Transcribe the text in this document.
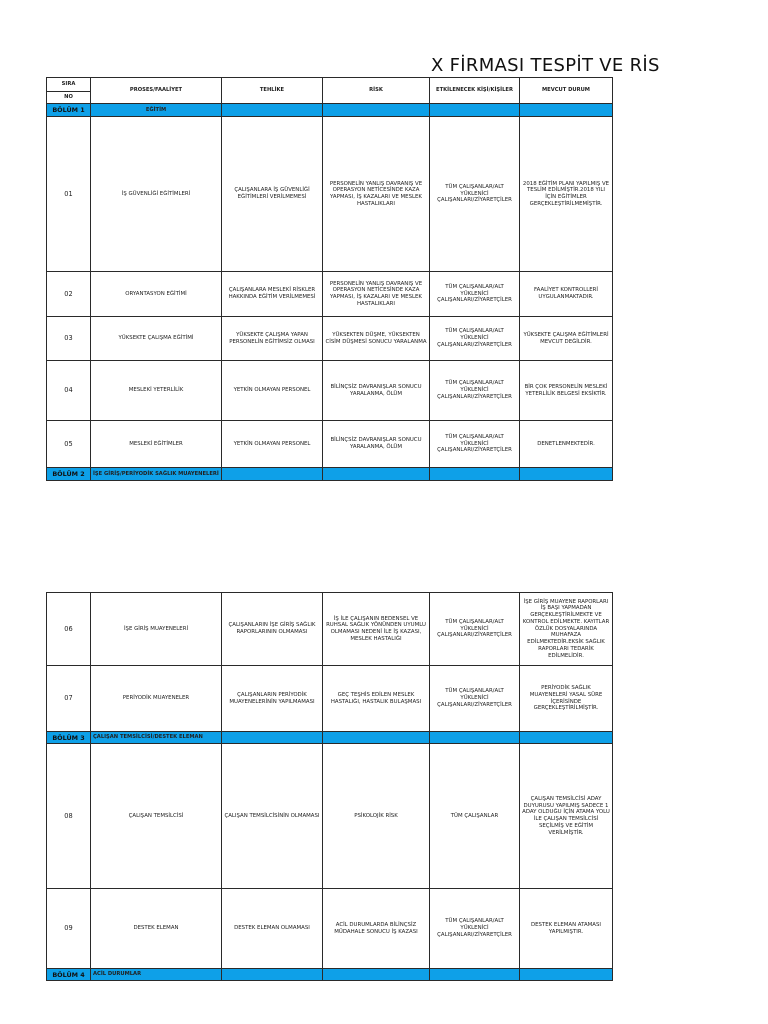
X FİRMASI TESPİT VE RİS
SIRA	PROSES/FAALİYET	TEHLİKE	RİSK	ETKİLENECEK KİŞİ/KİŞİLER	MEVCUT DURUM
NO					
BÖLÜM 1	EĞİTİM				
01	İŞ GÜVENLİĞİ EĞİTİMLERİ	ÇALIŞANLARA İŞ GÜVENLİĞİ EĞİTİMLERİ VERİLMEMESİ	PERSONELİN YANLIŞ DAVRANIŞ VE OPERASYON NETİCESİNDE KAZA YAPMASI, İŞ KAZALARI VE MESLEK HASTALIKLARI	TÜM ÇALIŞANLAR/ALT YÜKLENİCİ ÇALIŞANLARI/ZİYARETÇİLER	2018 EĞİTİM PLANI YAPILMIŞ VE TESLİM EDİLMİŞTİR.2018 YILI İÇİN EĞİTİMLER GERÇEKLEŞTİRİLMEMİŞTİR.
02	ORYANTASYON EĞİTİMİ	ÇALIŞANLARA MESLEKİ RİSKLER HAKKINDA EĞİTİM VERİLMEMESİ	PERSONELİN YANLIŞ DAVRANIŞ VE OPERASYON NETİCESİNDE KAZA YAPMASI, İŞ KAZALARI VE MESLEK HASTALIKLARI	TÜM ÇALIŞANLAR/ALT YÜKLENİCİ ÇALIŞANLARI/ZİYARETÇİLER	FAALİYET KONTROLLERİ UYGULANMAKTADIR.
03	YÜKSEKTE ÇALIŞMA EĞİTİMİ	YÜKSEKTE ÇALIŞMA YAPAN PERSONELİN EĞİTİMSİZ OLMASI	YÜKSEKTEN DÜŞME, YÜKSEKTEN CİSİM DÜŞMESİ SONUCU YARALANMA	TÜM ÇALIŞANLAR/ALT YÜKLENİCİ ÇALIŞANLARI/ZİYARETÇİLER	YÜKSEKTE ÇALIŞMA EĞİTİMLERİ MEVCUT DEĞİLDİR.
04	MESLEKİ YETERLİLİK	YETKİN OLMAYAN PERSONEL	BİLİNÇSİZ DAVRANIŞLAR SONUCU YARALANMA, ÖLÜM	TÜM ÇALIŞANLAR/ALT YÜKLENİCİ ÇALIŞANLARI/ZİYARETÇİLER	BİR ÇOK PERSONELİN MESLEKİ YETERLİLİK BELGESİ EKSİKTİR.
05	MESLEKİ EĞİTİMLER	YETKİN OLMAYAN PERSONEL	BİLİNÇSİZ DAVRANIŞLAR SONUCU YARALANMA, ÖLÜM	TÜM ÇALIŞANLAR/ALT YÜKLENİCİ ÇALIŞANLARI/ZİYARETÇİLER	DENETLENMEKTEDİR.
BÖLÜM 2	İŞE GİRİŞ/PERİYODİK SAĞLIK MUAYENELERİ				
06	İŞE GİRİŞ MUAYENELERİ	ÇALIŞANLARIN İŞE GİRİŞ SAĞLIK RAPORLARININ OLMAMASI	İŞ İLE ÇALIŞANIN BEDENSEL VE RUHSAL SAĞLIK YÖNÜNDEN UYUMLU OLMAMASI NEDENİ İLE İŞ KAZASI, MESLEK HASTALIĞI	TÜM ÇALIŞANLAR/ALT YÜKLENİCİ ÇALIŞANLARI/ZİYARETÇİLER	İŞE GİRİŞ MUAYENE RAPORLARI İŞ BAŞI YAPMADAN GERÇEKLEŞTİRİLMEKTE VE KONTROL EDİLMEKTE. KAYITLAR ÖZLÜK DOSYALARINDA MUHAFAZA EDİLMEKTEDİR.EKSİK SAĞLIK RAPORLARI TEDARİK EDİLMELİDİR.
07	PERİYODİK MUAYENELER	ÇALIŞANLARIN PERİYODİK MUAYENELERİNİN YAPILMAMASI	GEÇ TEŞHİS EDİLEN MESLEK HASTALIĞI, HASTALIK BULAŞMASI	TÜM ÇALIŞANLAR/ALT YÜKLENİCİ ÇALIŞANLARI/ZİYARETÇİLER	PERİYODİK SAĞLIK MUAYENELERİ YASAL SÜRE İÇERİSİNDE GERÇEKLEŞTİRİLMİŞTİR.
BÖLÜM 3	ÇALIŞAN TEMSİLCİSİ/DESTEK ELEMAN				
08	ÇALIŞAN TEMSİLCİSİ	ÇALIŞAN TEMSİLCİSİNİN OLMAMASI	PSİKOLOJİK RİSK	TÜM ÇALIŞANLAR	ÇALIŞAN TEMSİLCİSİ ADAY DUYURUSU YAPILMIŞ SADECE 1 ADAY OLDUĞU İÇİN ATAMA YOLU İLE ÇALIŞAN TEMSİLCİSİ SEÇİLMİŞ VE EĞİTİM VERİLMİŞTİR.
09	DESTEK ELEMAN	DESTEK ELEMAN OLMAMASI	ACİL DURUMLARDA BİLİNÇSİZ MÜDAHALE SONUCU İŞ KAZASI	TÜM ÇALIŞANLAR/ALT YÜKLENİCİ ÇALIŞANLARI/ZİYARETÇİLER	DESTEK ELEMAN ATAMASI YAPILMIŞTIR.
BÖLÜM 4	ACİL DURUMLAR				
